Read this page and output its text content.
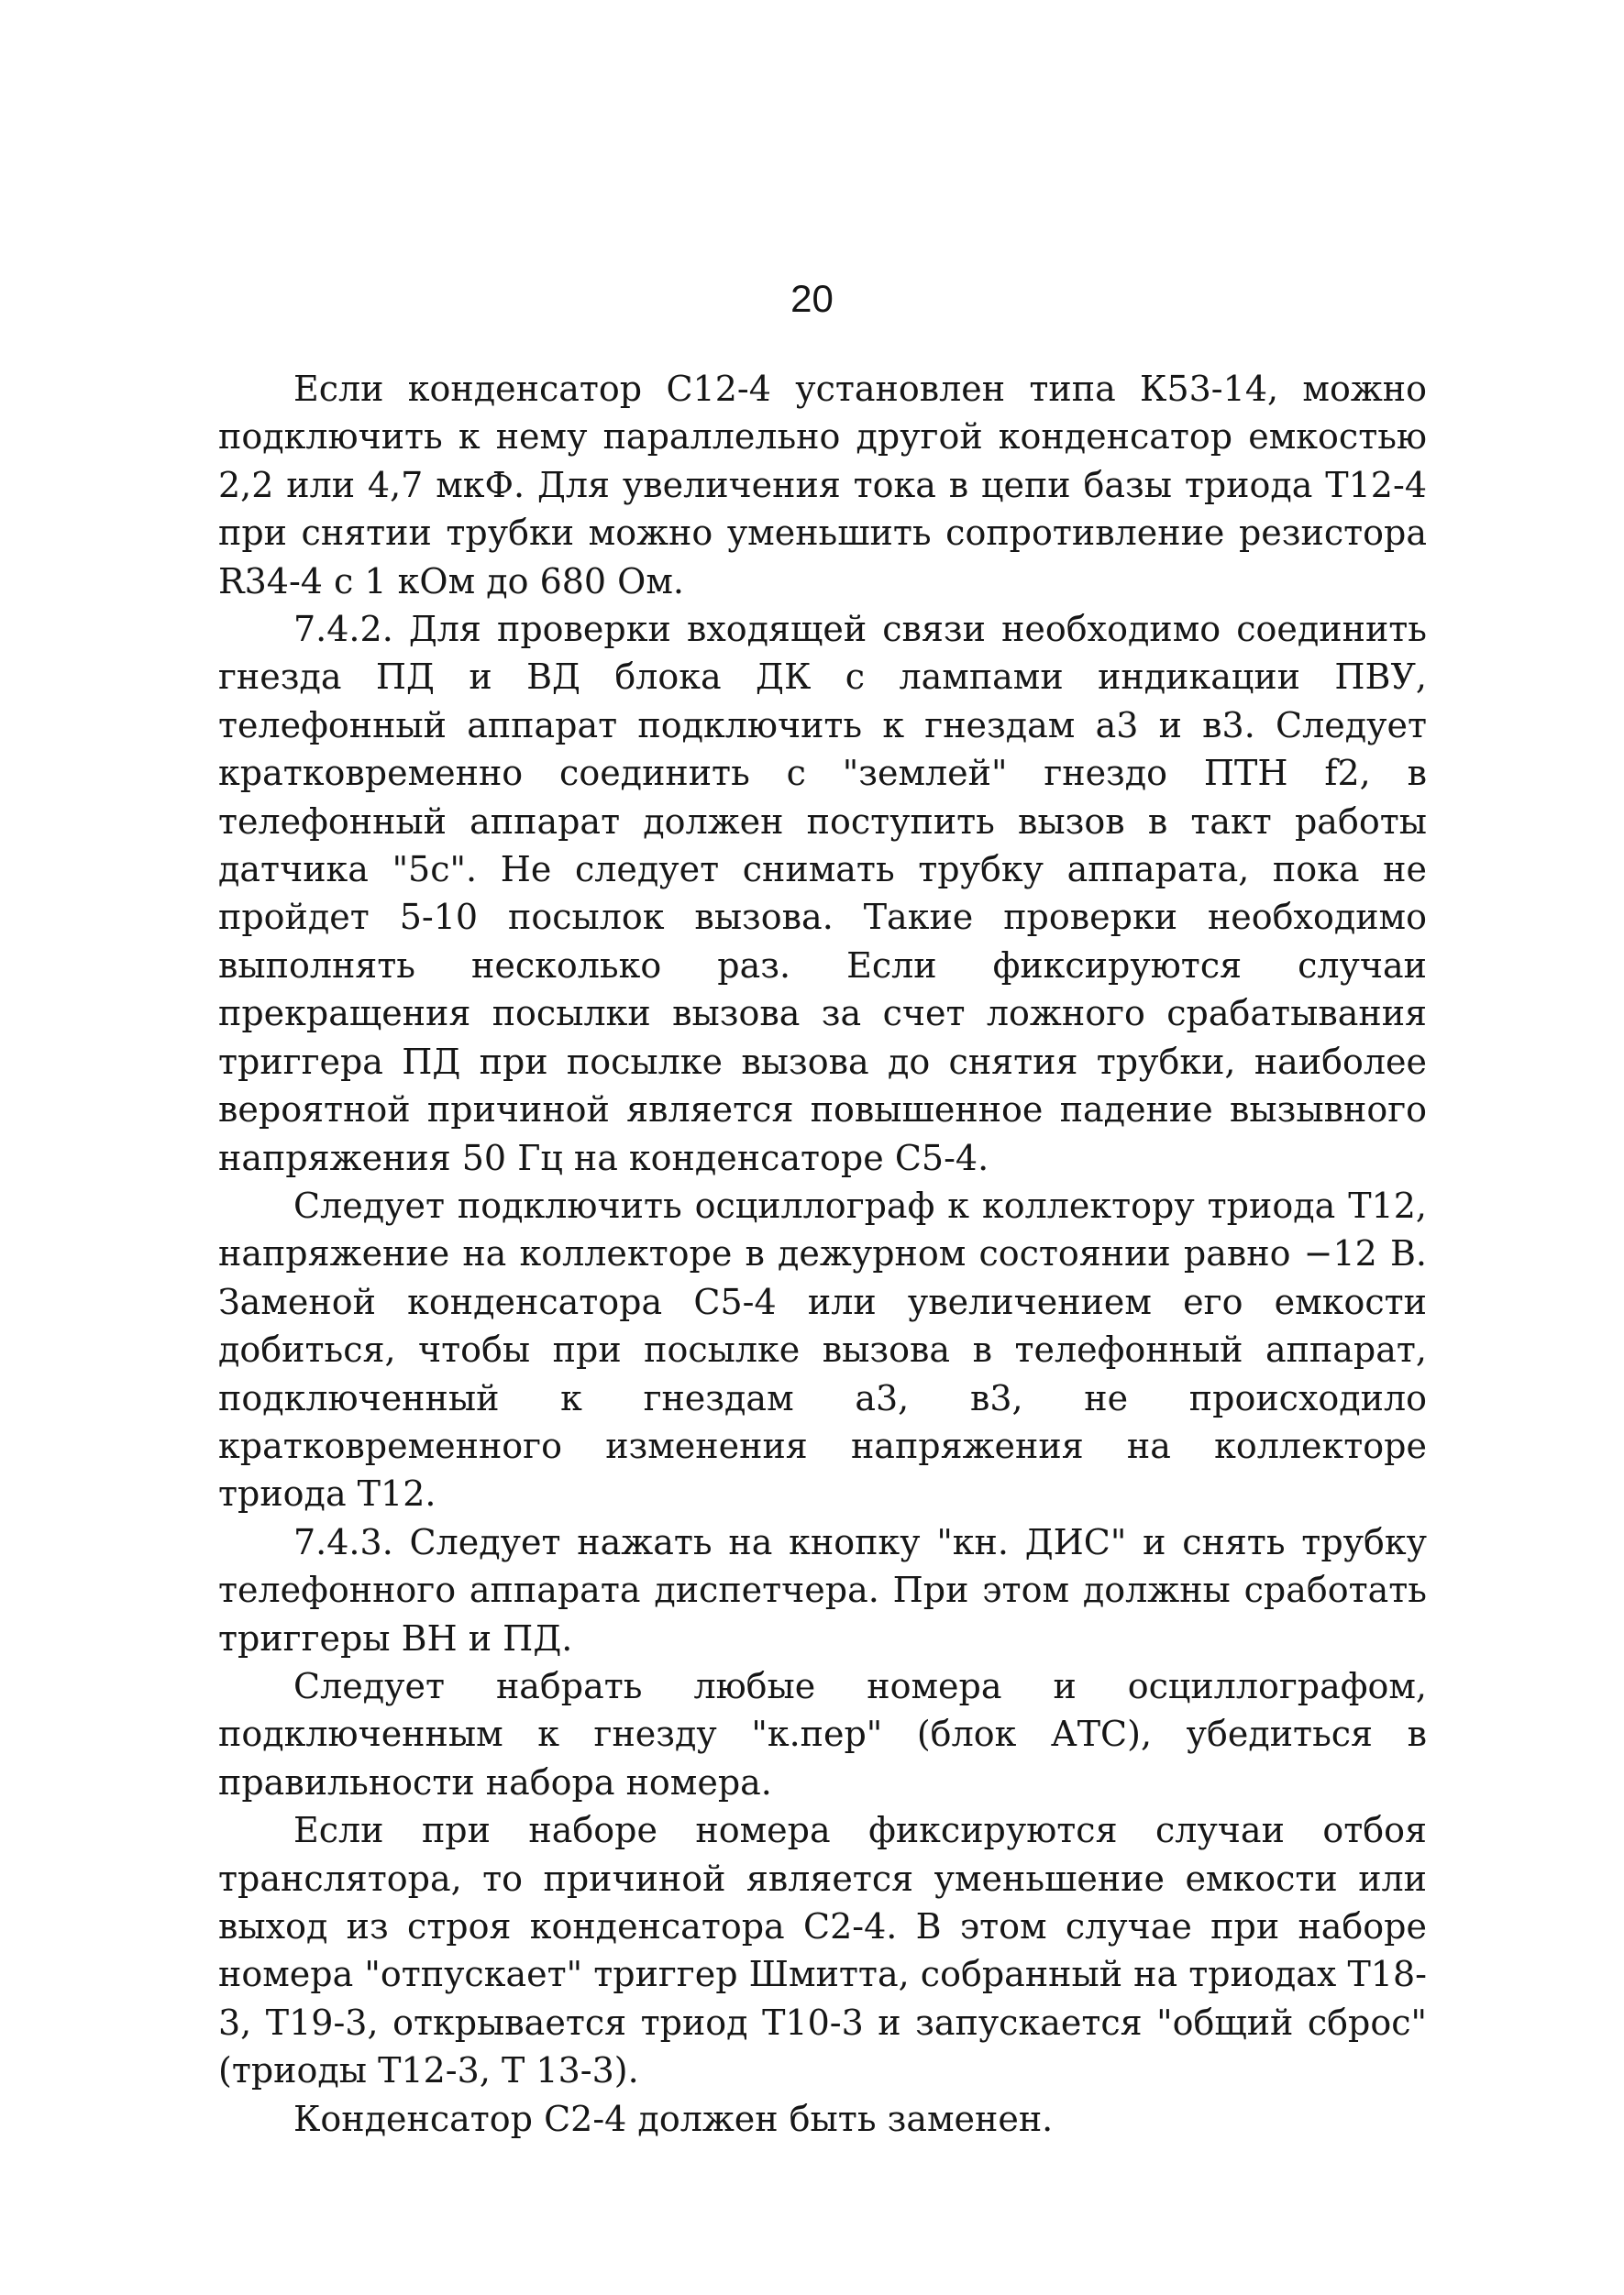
20

Если конденсатор С12-4 установлен типа К53-14, можно подключить к нему параллельно другой конденсатор емкостью 2,2 или 4,7 мкФ. Для увеличения тока в цепи базы триода Т12-4 при снятии трубки можно уменьшить сопротивление резистора R34-4 с 1 кОм до 680 Ом.

7.4.2. Для проверки входящей связи необходимо соединить гнезда ПД и ВД блока ДК с лампами индикации ПВУ, телефонный аппарат подключить к гнездам а3 и в3. Следует кратковременно соединить с "землей" гнездо ПТН f2, в телефонный аппарат должен поступить вызов в такт работы датчика "5с". Не следует снимать трубку аппарата, пока не пройдет 5-10 посылок вызова. Такие проверки необходимо выполнять несколько раз. Если фиксируются случаи прекращения посылки вызова за счет ложного срабатывания триггера ПД при посылке вызова до снятия трубки, наиболее вероятной причиной является повышенное падение вызывного напряжения 50 Гц на конденсаторе С5-4.

Следует подключить осциллограф к коллектору триода Т12, напряжение на коллекторе в дежурном состоянии равно −12 В. Заменой конденсатора С5-4 или увеличением его емкости добиться, чтобы при посылке вызова в телефонный аппарат, подключенный к гнездам а3, в3, не происходило кратковременного изменения напряжения на коллекторе триода Т12.

7.4.3. Следует нажать на кнопку "кн. ДИС" и снять трубку телефонного аппарата диспетчера. При этом должны сработать триггеры ВН и ПД.

Следует набрать любые номера и осциллографом, подключенным к гнезду "к.пер" (блок АТС), убедиться в правильности набора номера.

Если при наборе номера фиксируются случаи отбоя транслятора, то причиной является уменьшение емкости или выход из строя конденсатора С2-4. В этом случае при наборе номера "отпускает" триггер Шмитта, собранный на триодах Т18-3, Т19-3, открывается триод Т10-3 и запускается "общий сброс" (триоды Т12-3, Т 13-3).

Конденсатор С2-4 должен быть заменен.
